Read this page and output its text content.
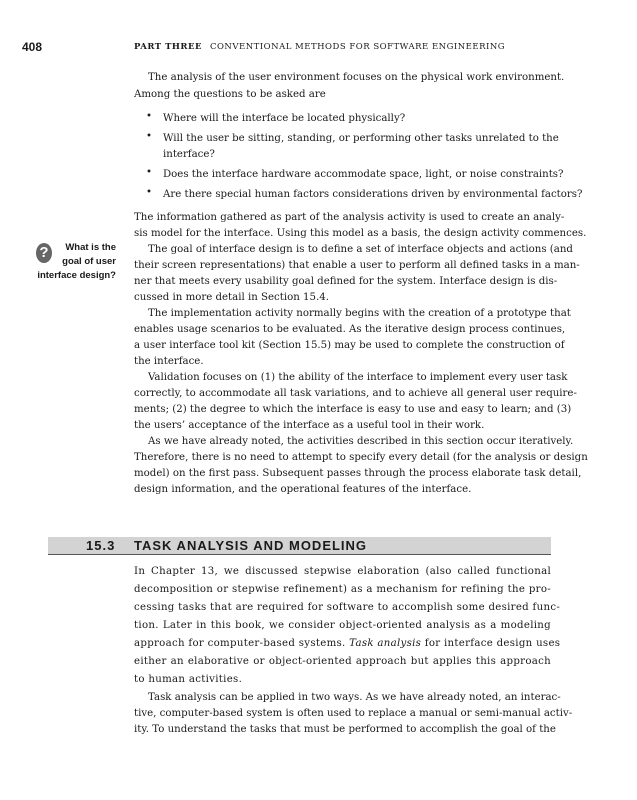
408	PART THREE CONVENTIONAL METHODS FOR SOFTWARE ENGINEERING
The analysis of the user environment focuses on the physical work environment.
Among the questions to be asked are
• Where will the interface be located physically?
• Will the user be sitting, standing, or performing other tasks unrelated to the
interface?
• Does the interface hardware accommodate space, light, or noise constraints?
• Are there special human factors considerations driven by environmental factors?
?	What is the
goal of user
interface design?
The information gathered as part of the analysis activity is used to create an analy-
sis model for the interface. Using this model as a basis, the design activity commences.
The goal of interface design is to define a set of interface objects and actions (and
their screen representations) that enable a user to perform all defined tasks in a man-
ner that meets every usability goal defined for the system. Interface design is dis-
cussed in more detail in Section 15.4.
The implementation activity normally begins with the creation of a prototype that
enables usage scenarios to be evaluated. As the iterative design process continues,
a user interface tool kit (Section 15.5) may be used to complete the construction of
the interface.
Validation focuses on (1) the ability of the interface to implement every user task
correctly, to accommodate all task variations, and to achieve all general user require-
ments; (2) the degree to which the interface is easy to use and easy to learn; and (3)
the users’ acceptance of the interface as a useful tool in their work.
As we have already noted, the activities described in this section occur iteratively.
Therefore, there is no need to attempt to specify every detail (for the analysis or design
model) on the first pass. Subsequent passes through the process elaborate task detail,
design information, and the operational features of the interface.
15.3 TASK ANALYSIS AND MODELING
In Chapter 13, we discussed stepwise elaboration (also called functional
decomposition or stepwise refinement) as a mechanism for refining the pro-
cessing tasks that are required for software to accomplish some desired func-
tion. Later in this book, we consider object-oriented analysis as a modeling
approach for computer-based systems. Task analysis for interface design uses
either an elaborative or object-oriented approach but applies this approach
to human activities.
Task analysis can be applied in two ways. As we have already noted, an interac-
tive, computer-based system is often used to replace a manual or semi-manual activ-
ity. To understand the tasks that must be performed to accomplish the goal of the
